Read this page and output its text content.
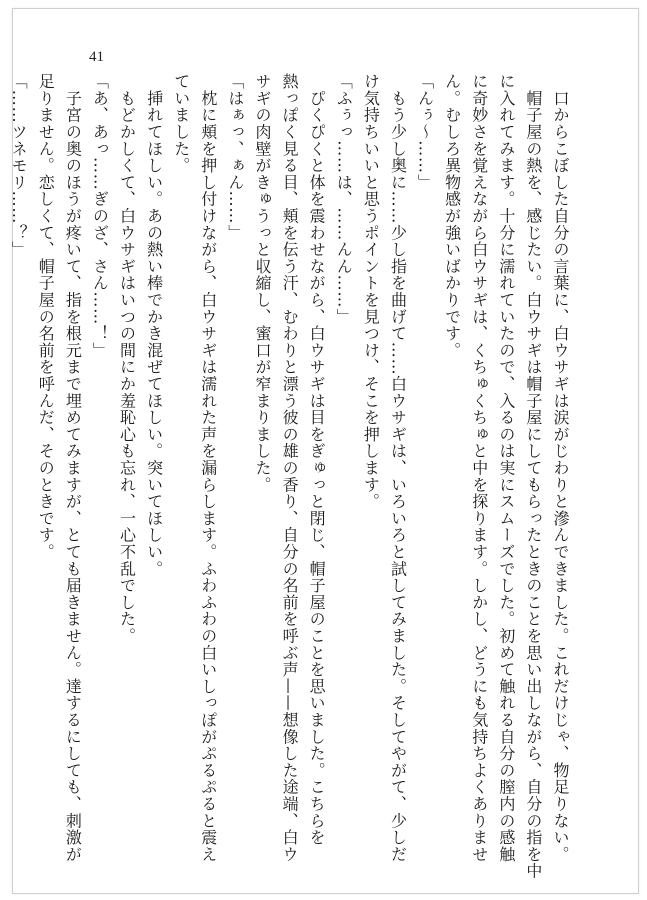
41

　口からこぼした自分の言葉に、白ウサギは涙がじわりと滲んできました。これだけじゃ、物足りない。

　帽子屋の熱を、感じたい。白ウサギは帽子屋にしてもらったときのことを思い出しながら、自分の指を中

に入れてみます。十分に濡れていたので、入るのは実にスムーズでした。初めて触れる自分の膣内の感触

に奇妙さを覚えながら白ウサギは、くちゅくちゅと中を探ります。しかし、どうにも気持ちよくありませ

ん。むしろ異物感が強いばかりです。

「んぅ〜……」

　もう少し奥に……少し指を曲げて……白ウサギは、いろいろと試してみました。そしてやがて、少しだ

け気持ちいいと思うポイントを見つけ、そこを押します。

「ふぅっ……は、……んん……」

　ぴくぴくと体を震わせながら、白ウサギは目をぎゅっと閉じ、帽子屋のことを思いました。こちらを

熱っぽく見る目、頬を伝う汗、むわりと漂う彼の雄の香り、自分の名前を呼ぶ声——想像した途端、白ウ

サギの肉壁がきゅうっと収縮し、蜜口が窄まりました。

「はぁっ、ぁん……」

　枕に頬を押し付けながら、白ウサギは濡れた声を漏らします。ふわふわの白いしっぽがぷるぷると震え

ていました。

　挿れてほしい。あの熱い棒でかき混ぜてほしい。突いてほしい。

　もどかしくて、白ウサギはいつの間にか羞恥心も忘れ、一心不乱でした。

「あ、あっ……ぎのざ、さん……！」

　子宮の奥のほうが疼いて、指を根元まで埋めてみますが、とても届きません。達するにしても、刺激が

足りません。恋しくて、帽子屋の名前を呼んだ、そのときです。

「……ツネモリ……？」
